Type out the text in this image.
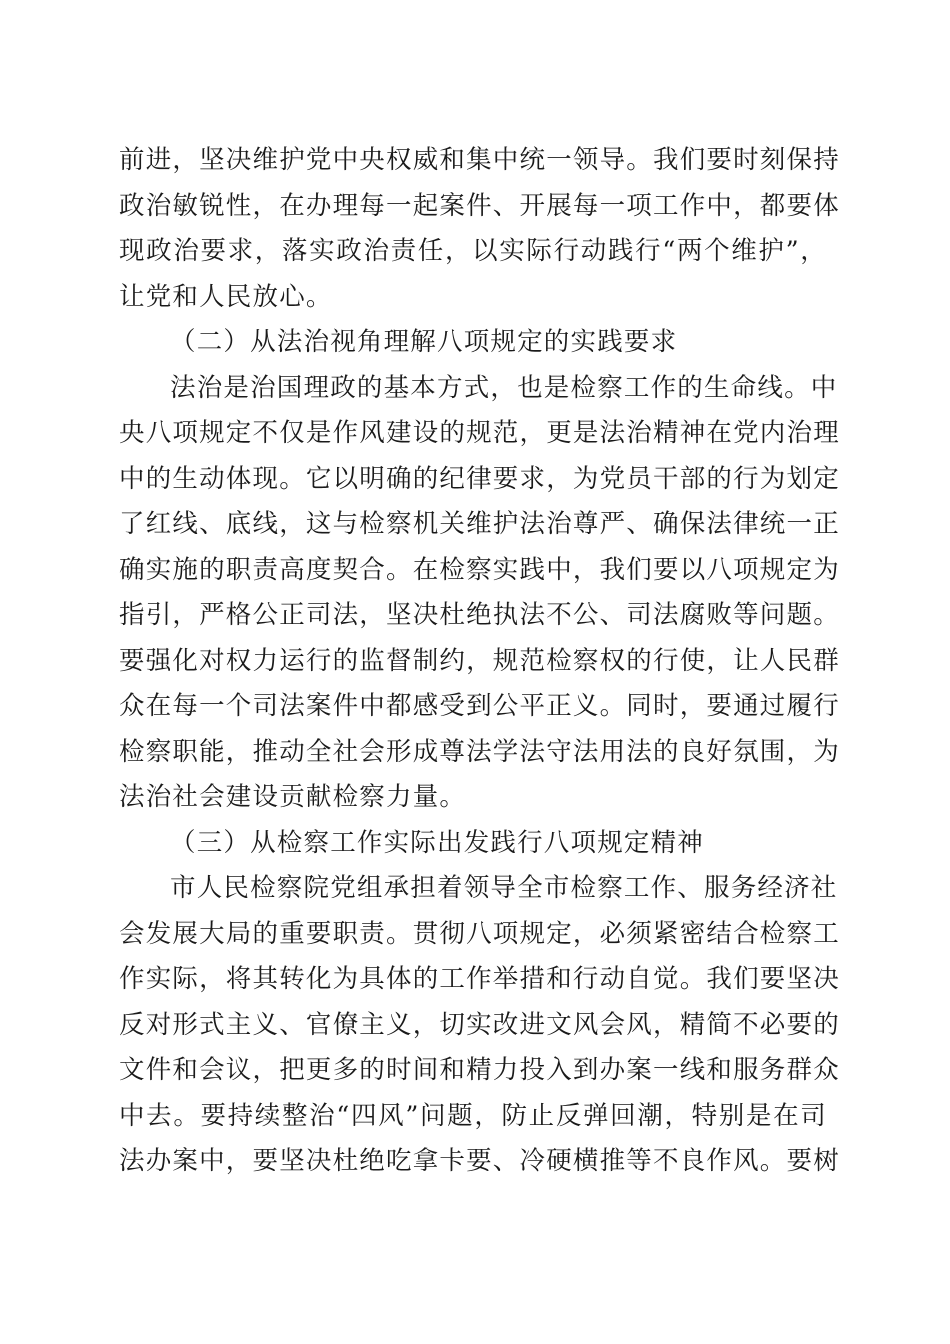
前进，坚决维护党中央权威和集中统一领导。我们要时刻保持
政治敏锐性，在办理每一起案件、开展每一项工作中，都要体
现政治要求，落实政治责任，以实际行动践行“两个维护”，
让党和人民放心。
（二）从法治视角理解八项规定的实践要求
法治是治国理政的基本方式，也是检察工作的生命线。中
央八项规定不仅是作风建设的规范，更是法治精神在党内治理
中的生动体现。它以明确的纪律要求，为党员干部的行为划定
了红线、底线，这与检察机关维护法治尊严、确保法律统一正
确实施的职责高度契合。在检察实践中，我们要以八项规定为
指引，严格公正司法，坚决杜绝执法不公、司法腐败等问题。
要强化对权力运行的监督制约，规范检察权的行使，让人民群
众在每一个司法案件中都感受到公平正义。同时，要通过履行
检察职能，推动全社会形成尊法学法守法用法的良好氛围，为
法治社会建设贡献检察力量。
（三）从检察工作实际出发践行八项规定精神
市人民检察院党组承担着领导全市检察工作、服务经济社
会发展大局的重要职责。贯彻八项规定，必须紧密结合检察工
作实际，将其转化为具体的工作举措和行动自觉。我们要坚决
反对形式主义、官僚主义，切实改进文风会风，精简不必要的
文件和会议，把更多的时间和精力投入到办案一线和服务群众
中去。要持续整治“四风”问题，防止反弹回潮，特别是在司
法办案中，要坚决杜绝吃拿卡要、冷硬横推等不良作风。要树
